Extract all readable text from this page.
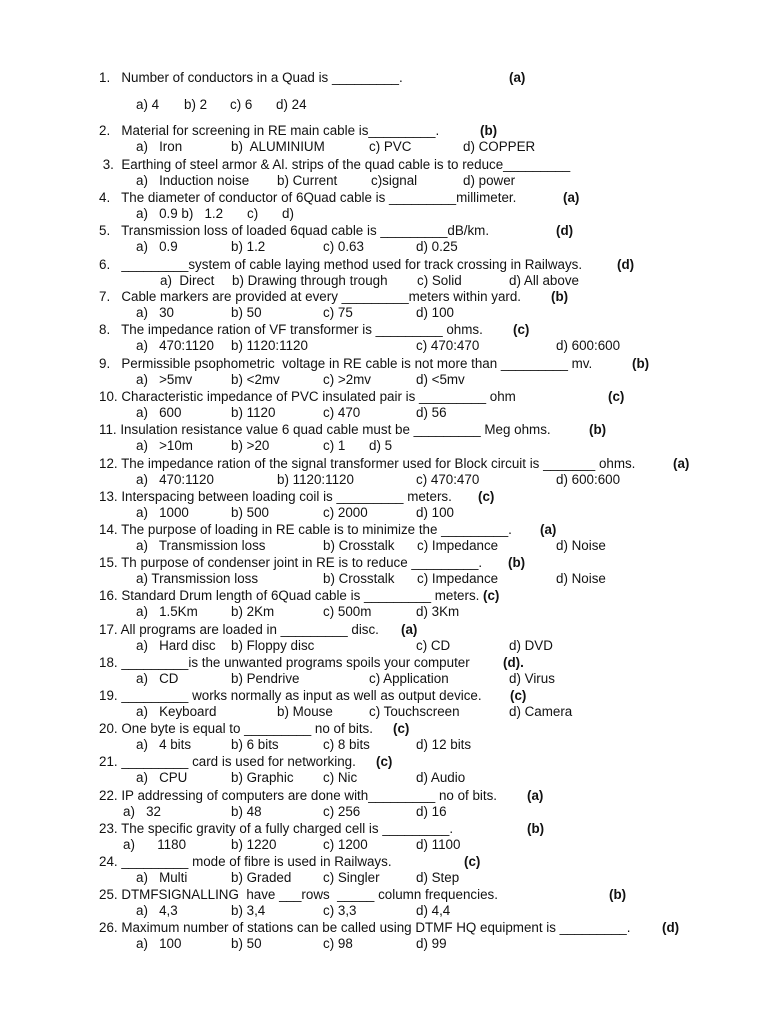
1.   Number of conductors in a Quad is _________.	(a)
a) 4 b) 2 c) 6 d) 24
2.   Material for screening in RE main cable is_________.	(b)
a)   Iron	b)  ALUMINIUM	c) PVC	d) COPPER
3.  Earthing of steel armor & Al. strips of the quad cable is to reduce_________
a)   Induction noise b) Current	c)signal	d) power
4.   The diameter of conductor of 6Quad cable is _________millimeter.	(a)
a)   0.9 b)   1.2 c) d)
5.   Transmission loss of loaded 6quad cable is _________dB/km.	(d)
a)   0.9	b) 1.2	c) 0.63	d) 0.25
6.   _________system of cable laying method used for track crossing in Railways.	(d)
a)  Direct b) Drawing through trough c) Solid	d) All above
7.   Cable markers are provided at every _________meters within yard. (b)
a)   30	b) 50	c) 75	d) 100
8.   The impedance ration of VF transformer is _________ ohms. (c)
a)   470:1120 b) 1120:1120	c) 470:470	d) 600:600
9.   Permissible psophometric  voltage in RE cable is not more than _________ mv.	(b)
a)   >5mv	b) <2mv	c) >2mv	d) <5mv
10. Characteristic impedance of PVC insulated pair is _________ ohm	(c)
a)   600	b) 1120	c) 470	d) 56
11. Insulation resistance value 6 quad cable must be _________ Meg ohms.	(b)
a)   >10m	b) >20	c) 1 d) 5
12. The impedance ration of the signal transformer used for Block circuit is _______ ohms.	(a)
a)   470:1120	b) 1120:1120	c) 470:470	d) 600:600
13. Interspacing between loading coil is _________ meters. (c)
a)   1000	b) 500	c) 2000	d) 100
14. The purpose of loading in RE cable is to minimize the _________. (a)
a)   Transmission loss	b) Crosstalk c) Impedance	d) Noise
15. Th purpose of condenser joint in RE is to reduce _________. (b)
a) Transmission loss	b) Crosstalk c) Impedance	d) Noise
16. Standard Drum length of 6Quad cable is _________ meters. (c)
a)   1.5Km b) 2Km	c) 500m	d) 3Km
17. All programs are loaded in _________ disc. (a)
a)   Hard disc b) Floppy disc	c) CD	d) DVD
18. _________is the unwanted programs spoils your computer (d).
a)   CD	b) Pendrive	c) Application	d) Virus
19. _________ works normally as input as well as output device. (c)
a)   Keyboard	b) Mouse	c) Touchscreen	d) Camera
20. One byte is equal to _________ no of bits. (c)
a)   4 bits	b) 6 bits	c) 8 bits	d) 12 bits
21. _________ card is used for networking. (c)
a)   CPU	b) Graphic c) Nic	d) Audio
22. IP addressing of computers are done with_________ no of bits. (a)
a)   32	b) 48	c) 256	d) 16
23. The specific gravity of a fully charged cell is _________.	(b)
a)      1180	b) 1220	c) 1200	d) 1100
24. _________ mode of fibre is used in Railways.	(c)
a)   Multi	b) Graded c) Singler	d) Step
25. DTMFSIGNALLING  have ___rows  _____ column frequencies.	(b)
a)   4,3	b) 3,4	c) 3,3	d) 4,4
26. Maximum number of stations can be called using DTMF HQ equipment is _________. (d)
a)   100	b) 50	c) 98	d) 99
